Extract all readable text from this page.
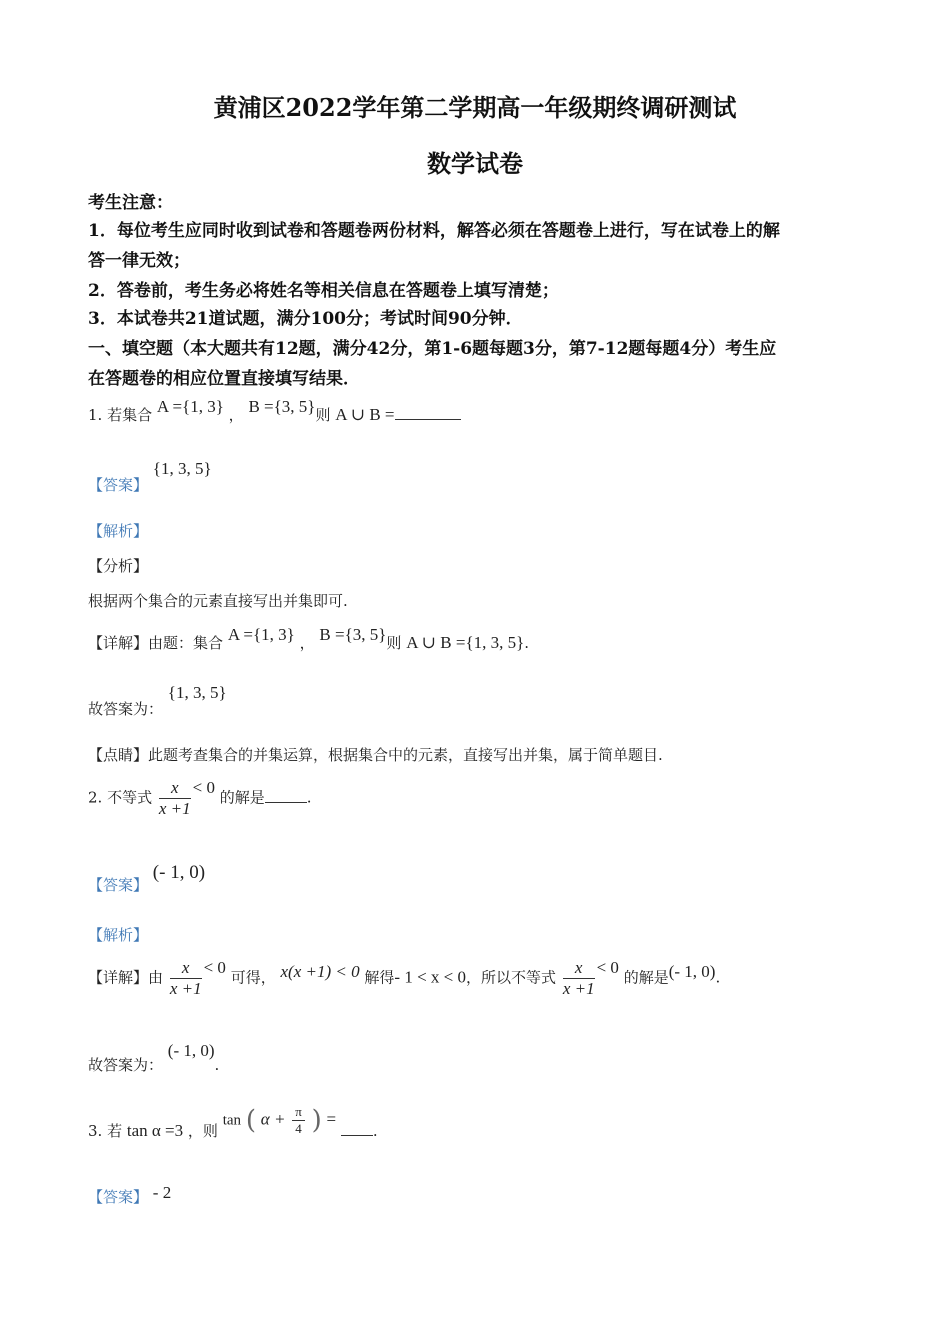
黄浦区2022学年第二学期高一年级期终调研测试
数学试卷
考生注意：
1．每位考生应同时收到试卷和答题卷两份材料，解答必须在答题卷上进行，写在试卷上的解
答一律无效；
2．答卷前，考生务必将姓名等相关信息在答题卷上填写清楚；
3．本试卷共21道试题，满分100分；考试时间90分钟．
一、填空题（本大题共有12题，满分42分，第1-6题每题3分，第7-12题每题4分）考生应
在答题卷的相应位置直接填写结果．
1. 若集合 A ={1, 3} ， B ={3, 5}则 A ∪ B =
【答案】 {1, 3, 5}
【解析】
【分析】
根据两个集合的元素直接写出并集即可.
【详解】由题：集合 A ={1, 3} ， B ={3, 5}则 A ∪ B ={1, 3, 5}.
故答案为： {1, 3, 5}
【点睛】此题考查集合的并集运算，根据集合中的元素，直接写出并集，属于简单题目.
2. 不等式 $\frac{x}{x +1} < 0$ 的解是	.
【答案】 (- 1, 0)
【解析】
【详解】由 $\frac{x}{x +1} < 0$ 可得， x(x +1) < 0 解得- 1 < x < 0，所以不等式 $\frac{x}{x +1} < 0$ 的解是(- 1, 0).
故答案为： (- 1, 0).
3. 若 tan α =3 ，则 tan ( $\alpha + \frac{\pi}{4}$ ) = .
【答案】 - 2
